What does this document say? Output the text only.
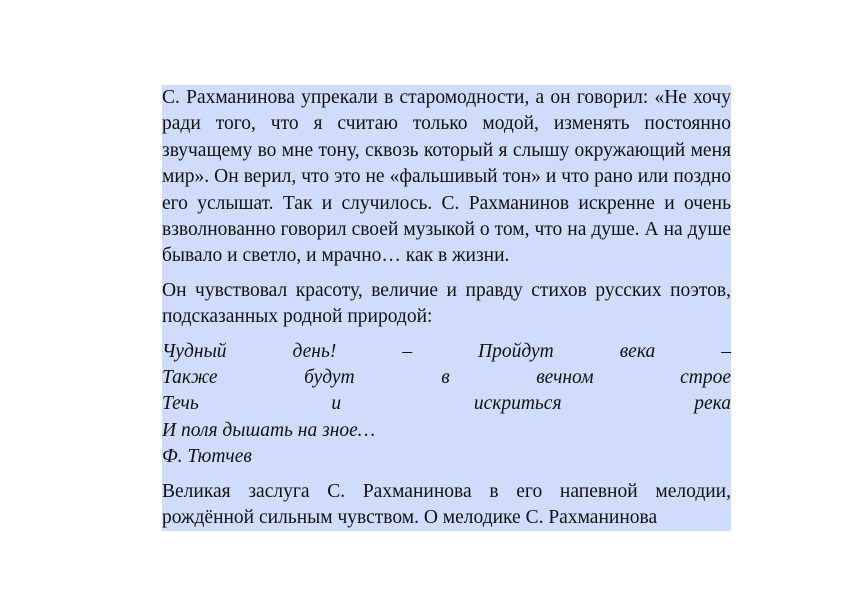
С. Рахманинова упрекали в старомодности, а он говорил: «Не хочу ради того, что я считаю только модой, изменять постоянно звучащему во мне тону, сквозь который я слышу окружающий меня мир». Он верил, что это не «фальшивый тон» и что рано или поздно его услышат. Так и случилось. С. Рахманинов искренне и очень взволнованно говорил своей музыкой о том, что на душе. А на душе бывало и светло, и мрачно… как в жизни.

Он чувствовал красоту, величие и правду стихов русских поэтов, подсказанных родной природой:

Чудный	день!	–	Пройдут	века	–
Также	будут	в	вечном	строе
Течь	и	искриться	река
И поля дышать на зное…
Ф. Тютчев

Великая заслуга С. Рахманинова в его напевной мелодии, рождённой сильным чувством. О мелодике С. Рахманинова
